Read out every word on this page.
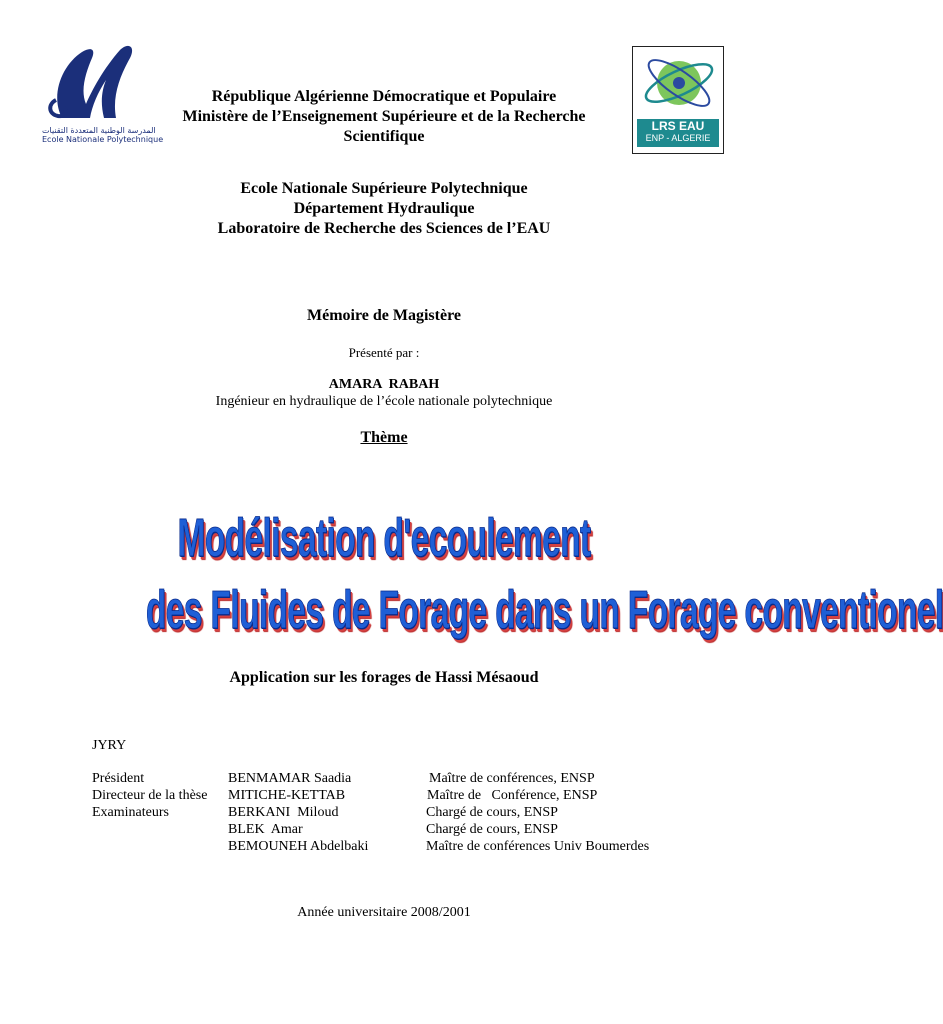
المدرسة الوطنية المتعددة التقنيات
Ecole Nationale Polytechnique
LRS EAU
ENP - ALGERIE
République Algérienne Démocratique et Populaire
Ministère de l’Enseignement Supérieure et de la Recherche
Scientifique
Ecole Nationale Supérieure Polytechnique
Département Hydraulique
Laboratoire de Recherche des Sciences de l’EAU
Mémoire de Magistère
Présenté par :
AMARA  RABAH
Ingénieur en hydraulique de l’école nationale polytechnique
Thème
Modélisation d'ecoulement
des Fluides de Forage dans un Forage conventionel
Application sur les forages de Hassi Mésaoud
JYRY
Président	BENMAMAR Saadia	Maître de conférences, ENSP
Directeur de la thèse MITICHE-KETTAB	Maître de   Conférence, ENSP
Examinateurs	BERKANI  Miloud	Chargé de cours, ENSP
BLEK  Amar	Chargé de cours, ENSP
BEMOUNEH Abdelbaki	Maître de conférences Univ Boumerdes
Année universitaire 2008/2001
